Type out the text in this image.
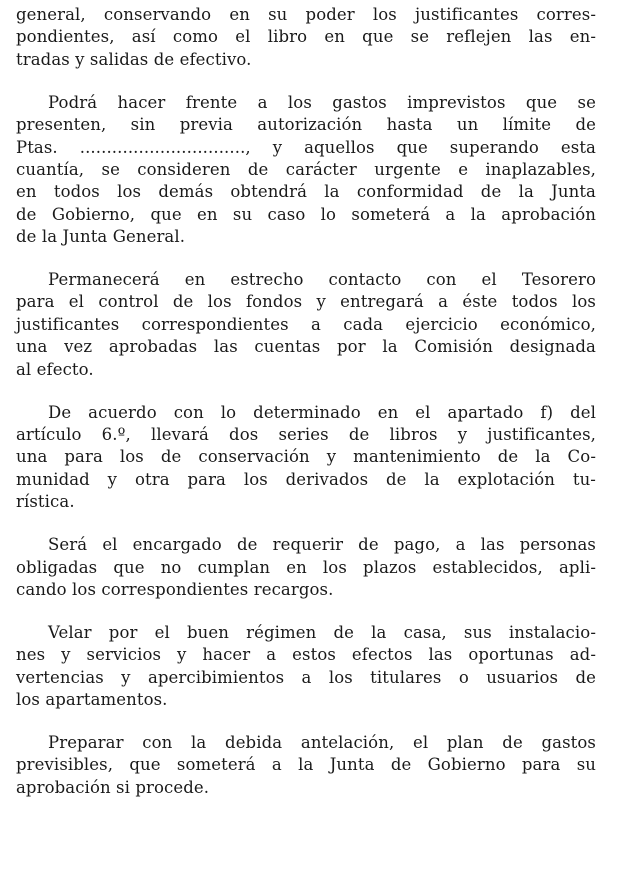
general, conservando en su poder los justificantes corres-
pondientes, así como el libro en que se reflejen las en-
tradas y salidas de efectivo.
Podrá hacer frente a los gastos imprevistos que se
presenten, sin previa autorización hasta un límite de
Ptas. ..............................., y aquellos que superando esta
cuantía, se consideren de carácter urgente e inaplazables,
en todos los demás obtendrá la conformidad de la Junta
de Gobierno, que en su caso lo someterá a la aprobación
de la Junta General.
Permanecerá en estrecho contacto con el Tesorero
para el control de los fondos y entregará a éste todos los
justificantes correspondientes a cada ejercicio económico,
una vez aprobadas las cuentas por la Comisión designada
al efecto.
De acuerdo con lo determinado en el apartado f) del
artículo 6.º, llevará dos series de libros y justificantes,
una para los de conservación y mantenimiento de la Co-
munidad y otra para los derivados de la explotación tu-
rística.
Será el encargado de requerir de pago, a las personas
obligadas que no cumplan en los plazos establecidos, apli-
cando los correspondientes recargos.
Velar por el buen régimen de la casa, sus instalacio-
nes y servicios y hacer a estos efectos las oportunas ad-
vertencias y apercibimientos a los titulares o usuarios de
los apartamentos.
Preparar con la debida antelación, el plan de gastos
previsibles, que someterá a la Junta de Gobierno para su
aprobación si procede.
